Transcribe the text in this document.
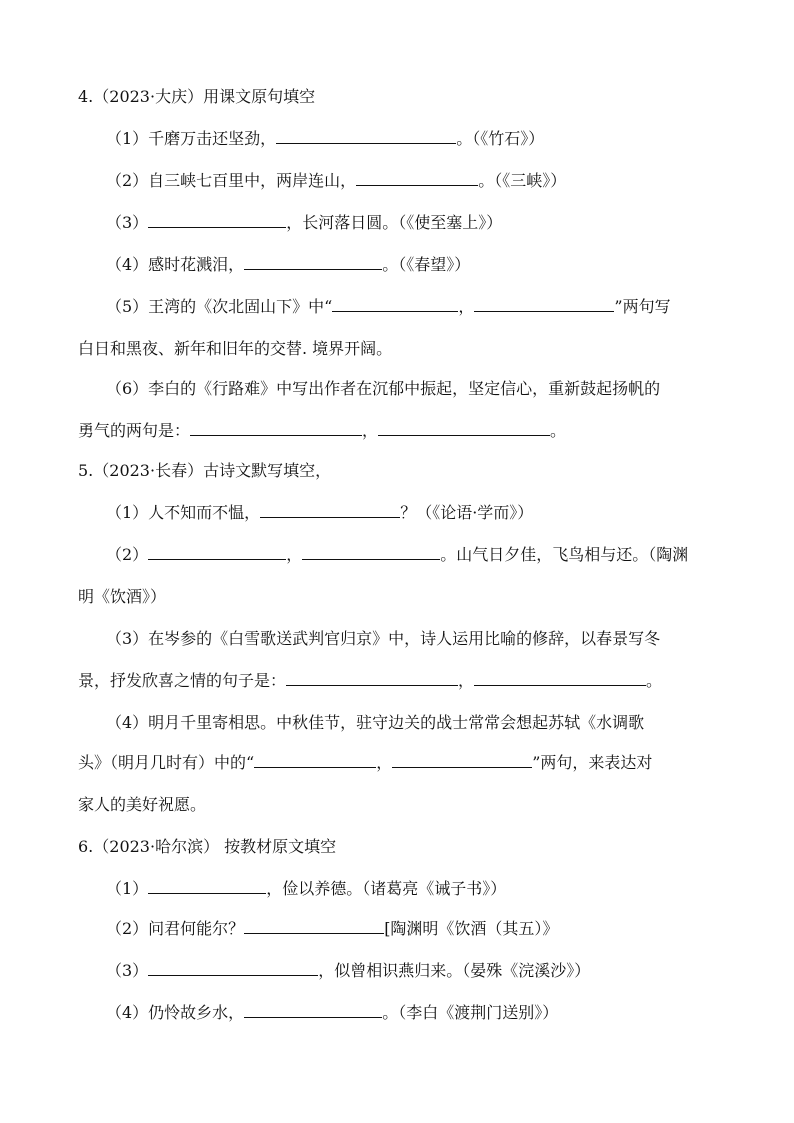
4.（2023·大庆）用课文原句填空
（1）千磨万击还坚劲，	。（《竹石》）
（2）自三峡七百里中，两岸连山，	。（《三峡》）
（3）	，长河落日圆。（《使至塞上》）
（4）感时花溅泪，	。（《春望》）
（5）王湾的《次北固山下》中“	，	”两句写
白日和黑夜、新年和旧年的交替. 境界开阔。
（6）李白的《行路难》中写出作者在沉郁中振起，坚定信心，重新鼓起扬帆的
勇气的两句是：	，	。
5.（2023·长春）古诗文默写填空，
（1）人不知而不愠，	？（《论语·学而》）
（2）	，	。山气日夕佳，飞鸟相与还。（陶渊
明《饮酒》）
（3）在岑参的《白雪歌送武判官归京》中，诗人运用比喻的修辞，以春景写冬
景，抒发欣喜之情的句子是：	，	。
（4）明月千里寄相思。中秋佳节，驻守边关的战士常常会想起苏轼《水调歌
头》（明月几时有）中的“	，	”两句，来表达对
家人的美好祝愿。
6.（2023·哈尔滨） 按教材原文填空
（1）	，俭以养德。（诸葛亮《诫子书》）
（2）问君何能尔？	[陶渊明《饮酒（其五）》
（3）	，似曾相识燕归来。（晏殊《浣溪沙》）
（4）仍怜故乡水，	。（李白《渡荆门送别》）
